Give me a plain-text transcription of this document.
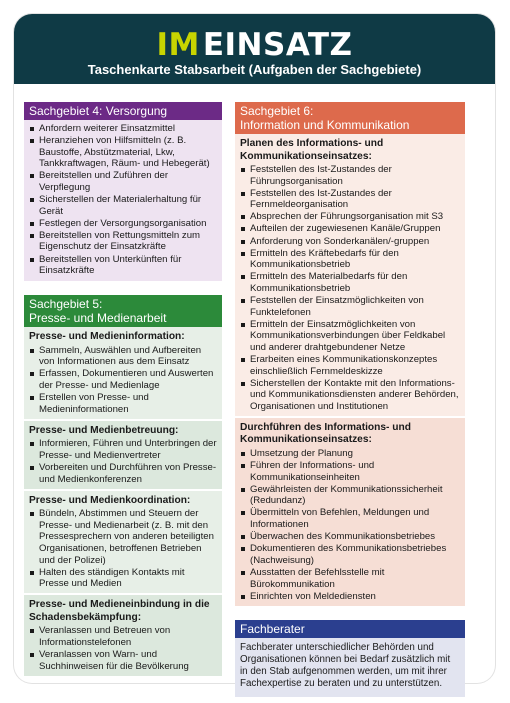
IMEINSATZ
Taschenkarte Stabsarbeit (Aufgaben der Sachgebiete)
Sachgebiet 4: Versorgung
Anfordern weiterer Einsatzmittel
Heranziehen von Hilfsmitteln (z. B. Baustoffe, Abstützmaterial, Lkw, Tankkraftwagen, Räum- und Hebegerät)
Bereitstellen und Zuführen der Verpflegung
Sicherstellen der Materialerhaltung für Gerät
Festlegen der Versorgungsorganisation
Bereitstellen von Rettungsmitteln zum Eigenschutz der Einsatzkräfte
Bereitstellen von Unterkünften für Einsatzkräfte
Sachgebiet 5:
Presse- und Medienarbeit
Presse- und Medieninformation:
Sammeln, Auswählen und Aufbereiten von Informationen aus dem Einsatz
Erfassen, Dokumentieren und Auswerten der Presse- und Medienlage
Erstellen von Presse- und Medieninformationen
Presse- und Medienbetreuung:
Informieren, Führen und Unterbringen der Presse- und Medienvertreter
Vorbereiten und Durchführen von Presse- und Medienkonferenzen
Presse- und Medienkoordination:
Bündeln, Abstimmen und Steuern der Presse- und Medienarbeit (z. B. mit den Pressesprechern von anderen beteiligten Organisationen, betroffenen Betrieben und der Polizei)
Halten des ständigen Kontakts mit Presse und Medien
Presse- und Medieneinbindung in die Schadensbekämpfung:
Veranlassen und Betreuen von Informationstelefonen
Veranlassen von Warn- und Suchhinweisen für die Bevölkerung
Sachgebiet 6:
Information und Kommunikation
Planen des Informations- und Kommunikationseinsatzes:
Feststellen des Ist-Zustandes der Führungsorganisation
Feststellen des Ist-Zustandes der Fernmeldeorganisation
Absprechen der Führungsorganisation mit S3
Aufteilen der zugewiesenen Kanäle/Gruppen
Anforderung von Sonderkanälen/-gruppen
Ermitteln des Kräftebedarfs für den Kommunikationsbetrieb
Ermitteln des Materialbedarfs für den Kommunikationsbetrieb
Feststellen der Einsatzmöglichkeiten von Funktelefonen
Ermitteln der Einsatzmöglichkeiten von Kommunikationsverbindungen über Feldkabel und anderer drahtgebundener Netze
Erarbeiten eines Kommunikationskonzeptes einschließlich Fernmeldeskizze
Sicherstellen der Kontakte mit den Informations- und Kommunikationsdiensten anderer Behörden, Organisationen und Institutionen
Durchführen des Informations- und Kommunikationseinsatzes:
Umsetzung der Planung
Führen der Informations- und Kommunikationseinheiten
Gewährleisten der Kommunikationssicherheit (Redundanz)
Übermitteln von Befehlen, Meldungen und Informationen
Überwachen des Kommunikationsbetriebes
Dokumentieren des Kommunikationsbetriebes (Nachweisung)
Ausstatten der Befehlsstelle mit Bürokommunikation
Einrichten von Meldediensten
Fachberater
Fachberater unterschiedlicher Behörden und Organisationen können bei Bedarf zusätzlich mit in den Stab aufgenommen werden, um mit ihrer Fachexpertise zu beraten und zu unterstützen.
